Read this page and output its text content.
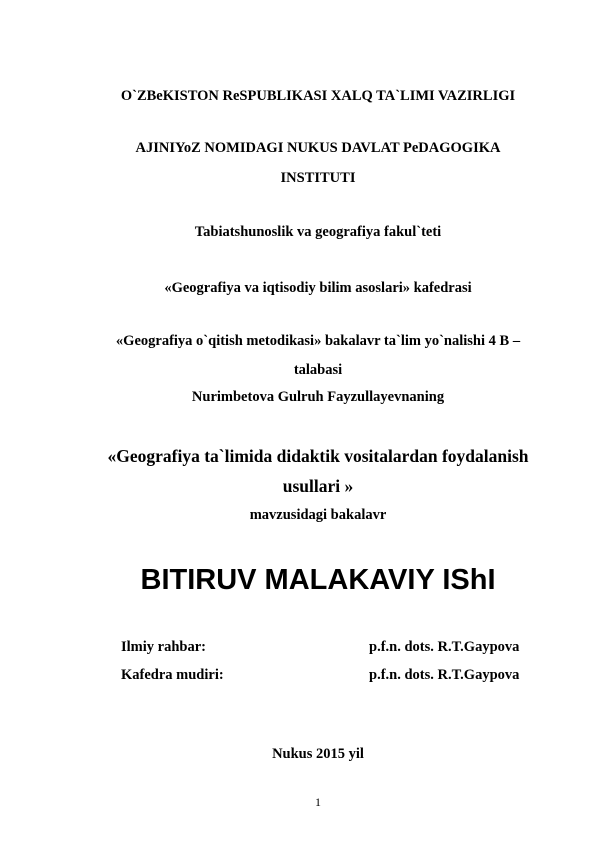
O`ZBeKISTON ReSPUBLIKASI XALQ TA`LIMI VAZIRLIGI
AJINIYoZ NOMIDAGI NUKUS DAVLAT PeDAGOGIKA
INSTITUTI
Tabiatshunoslik va geografiya fakul`teti
«Geografiya va iqtisodiy bilim asoslari» kafedrasi
«Geografiya o`qitish metodikasi» bakalavr ta`lim yo`nalishi 4 B –
talabasi
Nurimbetova Gulruh Fayzullayevnaning
«Geografiya ta`limida didaktik vositalardan foydalanish
usullari »
mavzusidagi bakalavr
BITIRUV MALAKAVIY IShI
Ilmiy rahbar:	p.f.n. dots. R.T.Gaypova
Kafedra mudiri:	p.f.n. dots. R.T.Gaypova
Nukus 2015 yil
1
